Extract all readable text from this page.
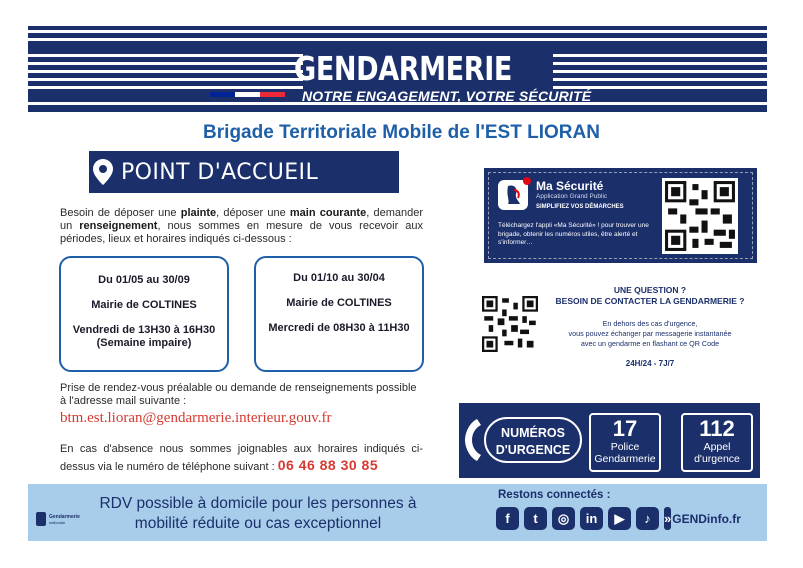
GENDARMERIE
NOTRE ENGAGEMENT, VOTRE SÉCURITÉ
Brigade Territoriale Mobile de l'EST LIORAN
POINT D'ACCUEIL
Besoin de déposer une plainte, déposer une main courante, demander un renseignement, nous sommes en mesure de vous recevoir aux périodes, lieux et horaires indiqués ci-dessous :

Du 01/05 au 30/09

Mairie de COLTINES

Vendredi de 13H30 à 16H30

(Semaine impaire)

Du 01/10 au 30/04

Mairie de COLTINES

Mercredi de 08H30 à 11H30

Prise de rendez-vous préalable ou demande de renseignements possible à l'adresse mail suivante :
btm.est.lioran@gendarmerie.interieur.gouv.fr
En cas d'absence nous sommes joignables aux horaires indiqués ci-dessus via le numéro de téléphone suivant : 06 46 88 30 85
Ma Sécurité
Application Grand Public
SIMPLIFIEZ VOS DÉMARCHES
Téléchargez l'appli «Ma Sécurité» ! pour trouver une brigade, obtenir les numéros utiles, être alerté et s'informer…
UNE QUESTION ?
BESOIN DE CONTACTER LA GENDARMERIE ?
En dehors des cas d'urgence,
vous pouvez échanger par messagerie instantanée
avec un gendarme en flashant ce QR Code
24H/24 - 7J/7
NUMÉROS
D'URGENCE
17
Police
Gendarmerie
112
Appel
d'urgence
Gendarmerie
nationale
RDV possible à domicile pour les personnes à
mobilité réduite ou cas exceptionnel
Restons connectés :
f	t	◎	in	▶	♪	» GENDinfo.fr
